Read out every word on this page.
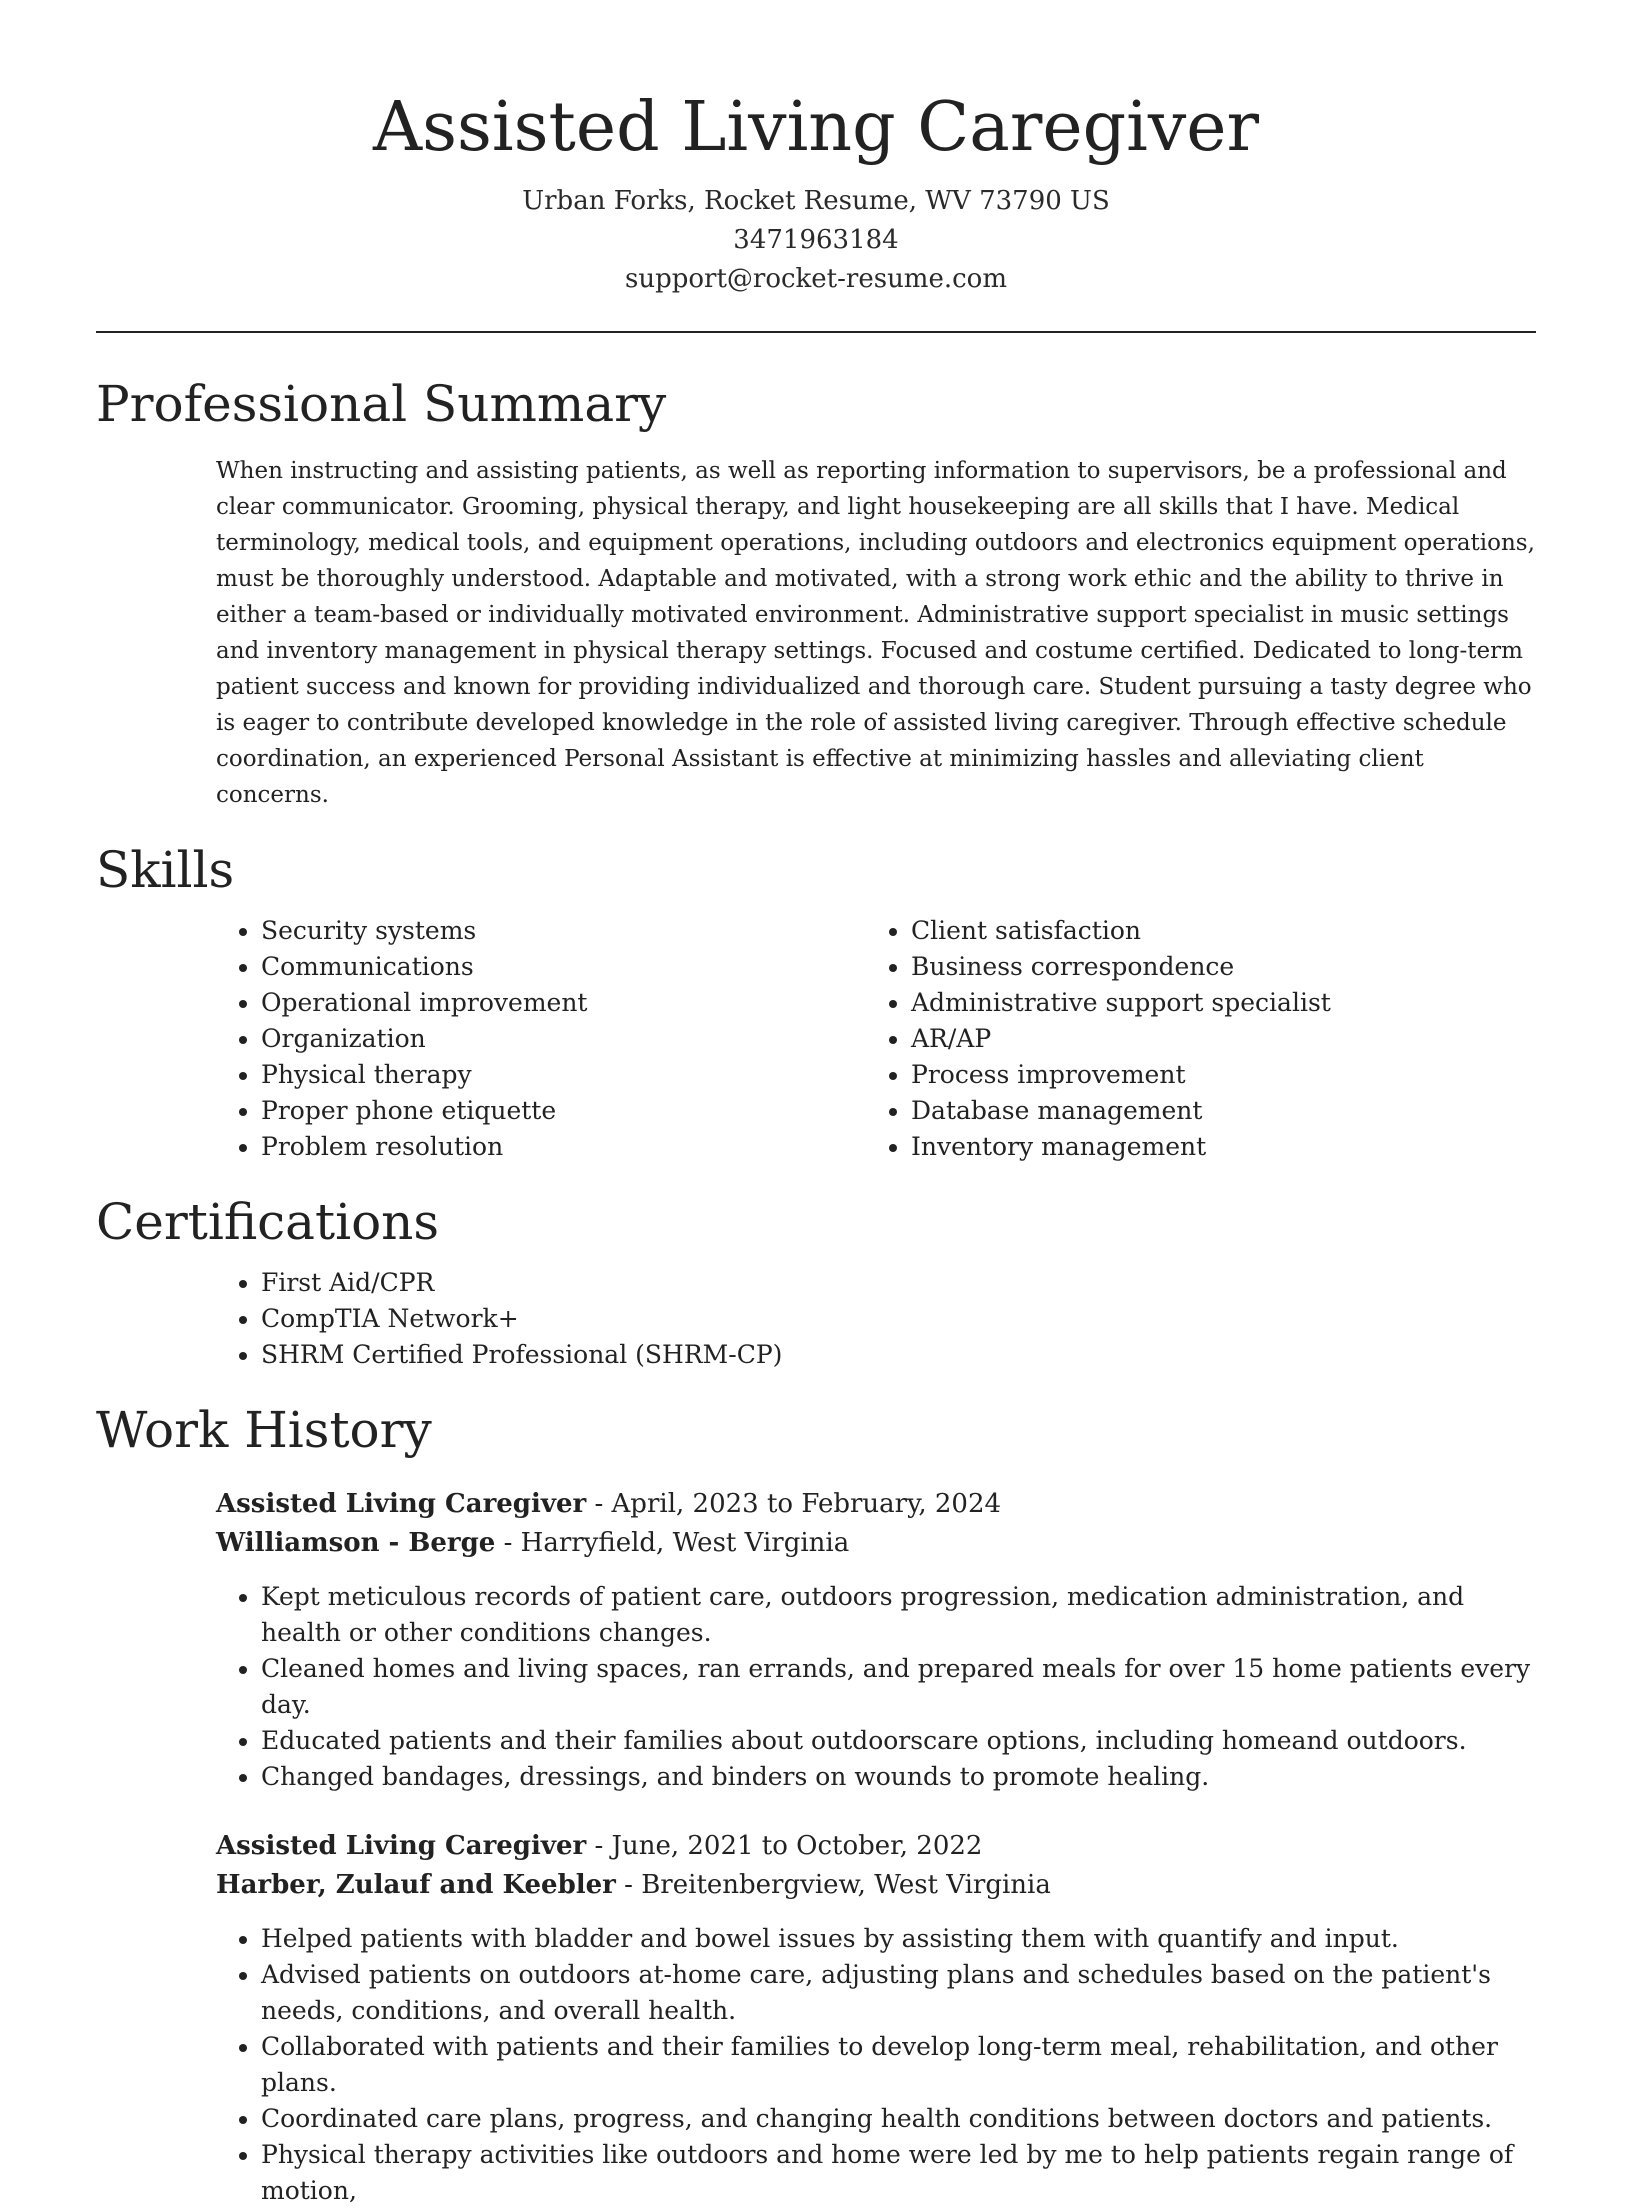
Assisted Living Caregiver
Urban Forks, Rocket Resume, WV 73790 US
3471963184
support@rocket-resume.com
Professional Summary
When instructing and assisting patients, as well as reporting information to supervisors, be a professional and clear communicator. Grooming, physical therapy, and light housekeeping are all skills that I have. Medical terminology, medical tools, and equipment operations, including outdoors and electronics equipment operations, must be thoroughly understood. Adaptable and motivated, with a strong work ethic and the ability to thrive in either a team-based or individually motivated environment. Administrative support specialist in music settings and inventory management in physical therapy settings. Focused and costume certified. Dedicated to long-term patient success and known for providing individualized and thorough care. Student pursuing a tasty degree who is eager to contribute developed knowledge in the role of assisted living caregiver. Through effective schedule coordination, an experienced Personal Assistant is effective at minimizing hassles and alleviating client concerns.
Skills
• Security systems
• Communications
• Operational improvement
• Organization
• Physical therapy
• Proper phone etiquette
• Problem resolution
• Client satisfaction
• Business correspondence
• Administrative support specialist
• AR/AP
• Process improvement
• Database management
• Inventory management
Certifications
• First Aid/CPR
• CompTIA Network+
• SHRM Certified Professional (SHRM-CP)
Work History
Assisted Living Caregiver - April, 2023 to February, 2024
Williamson - Berge - Harryfield, West Virginia
• Kept meticulous records of patient care, outdoors progression, medication administration, and health or other conditions changes.
• Cleaned homes and living spaces, ran errands, and prepared meals for over 15 home patients every day.
• Educated patients and their families about outdoorscare options, including homeand outdoors.
• Changed bandages, dressings, and binders on wounds to promote healing.
Assisted Living Caregiver - June, 2021 to October, 2022
Harber, Zulauf and Keebler - Breitenbergview, West Virginia
• Helped patients with bladder and bowel issues by assisting them with quantify and input.
• Advised patients on outdoors at-home care, adjusting plans and schedules based on the patient's needs, conditions, and overall health.
• Collaborated with patients and their families to develop long-term meal, rehabilitation, and other plans.
• Coordinated care plans, progress, and changing health conditions between doctors and patients.
• Physical therapy activities like outdoors and home were led by me to help patients regain range of motion,
